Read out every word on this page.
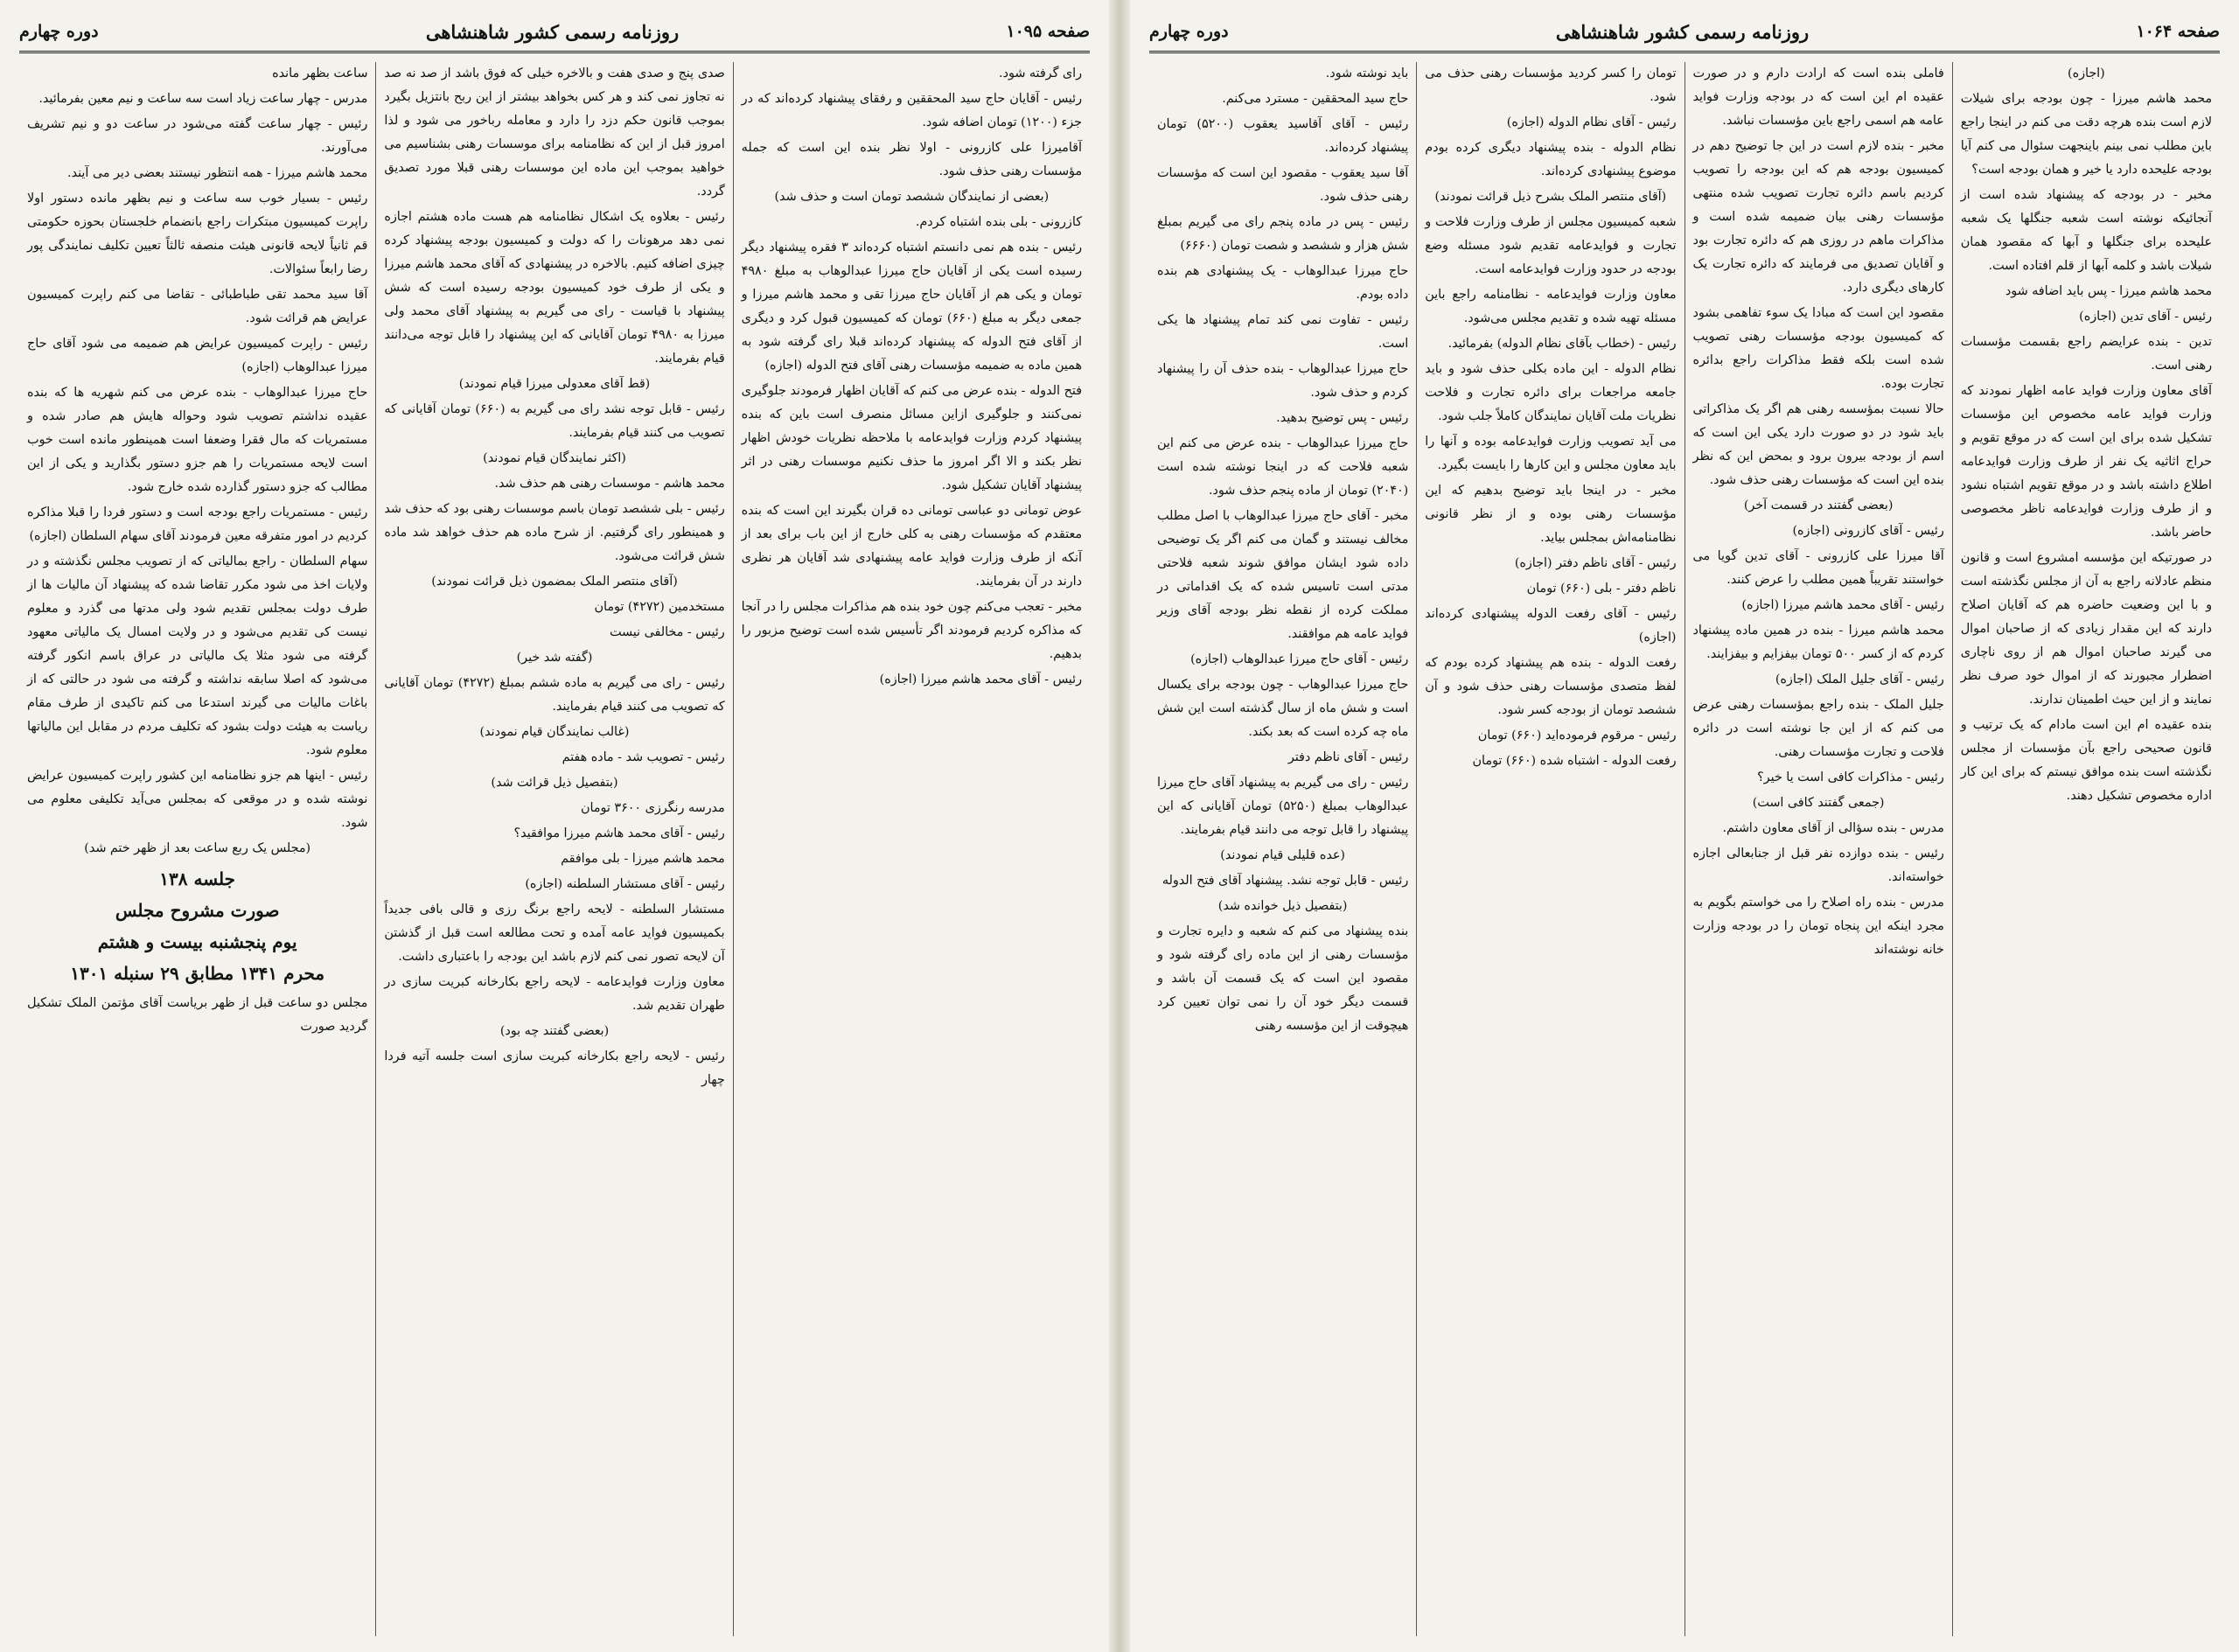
صفحه ۱۰۹۵
روزنامه رسمی کشور شاهنشاهی
دوره چهارم

رای گرفته شود.

رئیس - آقایان حاج سید المحققین و رفقای پیشنهاد کرده‌اند که در جزء (۱۲۰۰) تومان اضافه شود.

آقامیرزا علی کازرونی - اولا نظر بنده این است که جمله مؤسسات رهنی حذف شود.

(بعضی از نمایندگان ششصد تومان است و حذف شد)

کازرونی - بلی بنده اشتباه کردم.

رئیس - بنده هم نمی دانستم اشتباه کرده‌اند ۳ فقره پیشنهاد دیگر رسیده است یکی از آقایان حاج میرزا عبدالوهاب به مبلغ ۴۹۸۰ تومان و یکی هم از آقایان حاج میرزا تقی و محمد هاشم میرزا و جمعی دیگر به مبلغ (۶۶۰) تومان که کمیسیون قبول کرد و دیگری از آقای فتح الدوله که پیشنهاد کرده‌اند قبلا رای گرفته شود به همین ماده به ضمیمه مؤسسات رهنی آقای فتح الدوله (اجازه)

فتح الدوله - بنده عرض می کنم که آقایان اظهار فرمودند جلوگیری نمی‌کنند و جلوگیری ازاین مسائل منصرف است باین که بنده پیشنهاد کردم وزارت فوایدعامه با ملاحظه نظریات خودش اظهار نظر بکند و الا اگر امروز ما حذف نکنیم موسسات رهنی در اثر پیشنهاد آقایان تشکیل شود.

عوض تومانی دو عباسی تومانی ده قران بگیرند این است که بنده معتقدم که مؤسسات رهنی به کلی خارج از این باب برای بعد از آنکه از طرف وزارت فواید عامه پیشنهادی شد آقایان هر نظری دارند در آن بفرمایند.

مخبر - تعجب می‌کنم چون خود بنده هم مذاکرات مجلس را در آنجا که مذاکره کردیم فرمودند اگر تأسیس شده است توضیح مزبور را بدهیم.

رئیس - آقای محمد هاشم میرزا (اجازه)

صدی پنج و صدی هفت و بالاخره خیلی که فوق باشد از صد نه صد نه تجاوز نمی کند و هر کس بخواهد بیشتر از این ربح بانتزیل بگیرد بموجب قانون حکم دزد را دارد و معامله رباخور می شود و لذا امروز قبل از این که نظامنامه برای موسسات رهنی بشناسیم می خواهید بموجب این ماده این موسسات رهنی قبلا مورد تصدیق گردد.

رئیس - بعلاوه یک اشکال نظامنامه هم هست ماده هشتم اجازه نمی دهد مرهونات را که دولت و کمیسیون بودجه پیشنهاد کرده چیزی اضافه کنیم. بالاخره در پیشنهادی که آقای محمد هاشم میرزا و یکی از طرف خود کمیسیون بودجه رسیده است که شش پیشنهاد با قیاست - رای می گیریم به پیشنهاد آقای محمد ولی میرزا به ۴۹۸۰ تومان آقایانی که این پیشنهاد را قابل توجه می‌دانند قیام بفرمایند.

(قط آقای معدولی میرزا قیام نمودند)

رئیس - قابل توجه نشد رای می گیریم به (۶۶۰) تومان آقایانی که تصویب می کنند قیام بفرمایند.

(اکثر نمایندگان قیام نمودند)

محمد هاشم - موسسات رهنی هم حذف شد.

رئیس - بلی ششصد تومان باسم موسسات رهنی بود که حذف شد و همینطور رای گرفتیم. از شرح ماده هم حذف خواهد شد ماده شش قرائت می‌شود.

(آقای منتصر الملک بمضمون ذیل قرائت نمودند)

مستخدمین (۴۲۷۲) تومان

رئیس - مخالفی نیست

(گفته شد خیر)

رئیس - رای می گیریم به ماده ششم بمبلغ (۴۲۷۲) تومان آقایانی که تصویب می کنند قیام بفرمایند.

(غالب نمایندگان قیام نمودند)

رئیس - تصویب شد - ماده هفتم

(بتفصیل ذیل قرائت شد)

مدرسه رنگرزی ۳۶۰۰ تومان

رئیس - آقای محمد هاشم میرزا موافقید؟

محمد هاشم میرزا - بلی موافقم

رئیس - آقای مستشار السلطنه (اجازه)

مستشار السلطنه - لایحه راجع برنگ رزی و قالی بافی جدیداً بکمیسیون فواید عامه آمده و تحت مطالعه است قبل از گذشتن آن لایحه تصور نمی کنم لازم باشد این بودجه را باعتباری داشت.

معاون وزارت فوایدعامه - لایحه راجع بکارخانه کبریت سازی در طهران تقدیم شد.

(بعضی گفتند چه بود)

رئیس - لایحه راجع بکارخانه کبریت سازی است جلسه آتیه فردا چهار

ساعت بظهر مانده

مدرس - چهار ساعت زیاد است سه ساعت و نیم معین بفرمائید.

رئیس - چهار ساعت گفته می‌شود در ساعت دو و نیم تشریف می‌آورند.

محمد هاشم میرزا - همه انتظور نیستند بعضی دیر می آیند.

رئیس - بسیار خوب سه ساعت و نیم بظهر مانده دستور اولا راپرت کمیسیون مبتکرات راجع بانضمام خلجستان بحوزه حکومتی قم ثانیاً لایحه قانونی هیئت منصفه ثالثاً تعیین تکلیف نمایندگی پور رضا رابعاً سئوالات.

آقا سید محمد تقی طباطبائی - تقاضا می کنم راپرت کمیسیون عرایض هم قرائت شود.

رئیس - راپرت کمیسیون عرایض هم ضمیمه می شود آقای حاج میرزا عبدالوهاب (اجازه)

حاج میرزا عبدالوهاب - بنده عرض می کنم شهریه ها که بنده عقیده نداشتم تصویب شود وحواله هایش هم صادر شده و مستمریات که مال فقرا وضعفا است همینطور مانده است خوب است لایحه مستمریات را هم جزو دستور بگذارید و یکی از این مطالب که جزو دستور گذارده شده خارج شود.

رئیس - مستمریات راجع بودجه است و دستور فردا را قبلا مذاکره کردیم در امور متفرقه معین فرمودند آقای سهام السلطان (اجازه)

سهام السلطان - راجع بمالیاتی که از تصویب مجلس نگذشته و در ولایات اخذ می شود مکرر تقاضا شده که پیشنهاد آن مالیات ها از طرف دولت بمجلس تقدیم شود ولی مدتها می گذرد و معلوم نیست کی تقدیم می‌شود و در ولایت امسال یک مالیاتی معهود گرفته می شود مثلا یک مالیاتی در عراق باسم انکور گرفته می‌شود که اصلا سابقه نداشته و گرفته می شود در حالتی که از باغات مالیات می گیرند استدعا می کنم تاکیدی از طرف مقام ریاست به هیئت دولت بشود که تکلیف مردم در مقابل این مالیاتها معلوم شود.

رئیس - اینها هم جزو نظامنامه این کشور راپرت کمیسیون عرایض نوشته شده و در موقعی که بمجلس می‌آید تکلیفی معلوم می شود.

(مجلس یک ربع ساعت بعد از ظهر ختم شد)

جلسه ۱۳۸

صورت مشروح مجلس

یوم پنجشنبه بیست و هشتم

محرم ۱۳۴۱ مطابق ۲۹ سنبله ۱۳۰۱

مجلس دو ساعت قبل از ظهر بریاست آقای مؤتمن الملک تشکیل گردید صورت

صفحه ۱۰۶۴
روزنامه رسمی کشور شاهنشاهی
دوره چهارم

(اجازه)

محمد هاشم میرزا - چون بودجه برای شیلات لازم است بنده هرچه دقت می کنم در اینجا راجع باین مطلب نمی بینم باینجهت سئوال می کنم آیا بودجه علیحده دارد یا خیر و همان بودجه است؟

مخبر - در بودجه که پیشنهاد شده است از آنجائیکه نوشته است شعبه جنگلها یک شعبه علیحده برای جنگلها و آبها که مقصود همان شیلات باشد و کلمه آبها از قلم افتاده است.

محمد هاشم میرزا - پس باید اضافه شود

رئیس - آقای تدین (اجازه)

تدین - بنده عرایضم راجع بقسمت مؤسسات رهنی است.

آقای معاون وزارت فواید عامه اظهار نمودند که وزارت فواید عامه مخصوص این مؤسسات تشکیل شده برای این است که در موقع تقویم و حراج اثاثیه یک نفر از طرف وزارت فوایدعامه اطلاع داشته باشد و در موقع تقویم اشتباه نشود و از طرف وزارت فوایدعامه ناظر مخصوصی حاضر باشد.

در صورتیکه این مؤسسه امشروع است و قانون منظم عادلانه راجع به آن از مجلس نگذشته است و با این وضعیت حاضره هم که آقایان اصلاح دارند که این مقدار زیادی که از صاحبان اموال می گیرند صاحبان اموال هم از روی ناچاری اضطرار مجبورند که از اموال خود صرف نظر نمایند و از این حیث اطمینان ندارند.

بنده عقیده ام این است مادام که یک ترتیب و قانون صحیحی راجع بآن مؤسسات از مجلس نگذشته است بنده موافق نیستم که برای این کار اداره مخصوص تشکیل دهند.

فاملی بنده است که ارادت دارم و در صورت عقیده ام این است که در بودجه وزارت فواید عامه هم اسمی راجع باین مؤسسات نباشد.

مخبر - بنده لازم است در این جا توضیح دهم در کمیسیون بودجه هم که این بودجه را تصویب کردیم باسم دائره تجارت تصویب شده منتهی مؤسسات رهنی بیان ضمیمه شده است و مذاکرات ماهم در روزی هم که دائره تجارت بود و آقایان تصدیق می فرمایند که دائره تجارت یک کارهای دیگری دارد.

مقصود این است که مبادا یک سوء تفاهمی بشود که کمیسیون بودجه مؤسسات رهنی تصویب شده است بلکه فقط مذاکرات راجع بدائره تجارت بوده.

حالا نسبت بمؤسسه رهنی هم اگر یک مذاکراتی باید شود در دو صورت دارد یکی این است که اسم از بودجه بیرون برود و بمحض این که نظر بنده این است که مؤسسات رهنی حذف شود.

(بعضی گفتند در قسمت آخر)

رئیس - آقای کازرونی (اجازه)

آقا میرزا علی کازرونی - آقای تدین گویا می خواستند تقریباً همین مطلب را عرض کنند.

رئیس - آقای محمد هاشم میرزا (اجازه)

محمد هاشم میرزا - بنده در همین ماده پیشنهاد کردم که از کسر ۵۰۰ تومان بیفزایم و بیفزایند.

رئیس - آقای جلیل الملک (اجازه)

جلیل الملک - بنده راجع بمؤسسات رهنی عرض می کنم که از این جا نوشته است در دائره فلاحت و تجارت مؤسسات رهنی.

رئیس - مذاکرات کافی است یا خیر؟

(جمعی گفتند کافی است)

مدرس - بنده سؤالی از آقای معاون داشتم.

رئیس - بنده دوازده نفر قبل از جنابعالی اجازه خواسته‌اند.

مدرس - بنده راه اصلاح را می خواستم بگویم به مجرد اینکه این پنجاه تومان را در بودجه وزارت خانه نوشته‌اند

تومان را کسر کردید مؤسسات رهنی حذف می شود.

رئیس - آقای نظام الدوله (اجازه)

نظام الدوله - بنده پیشنهاد دیگری کرده بودم موضوع پیشنهادی کرده‌اند.

(آقای منتصر الملک بشرح ذیل قرائت نمودند)

شعبه کمیسیون مجلس از طرف وزارت فلاحت و تجارت و فوایدعامه تقدیم شود مسئله وضع بودجه در حدود وزارت فوایدعامه است.

معاون وزارت فوایدعامه - نظامنامه راجع باین مسئله تهیه شده و تقدیم مجلس می‌شود.

رئیس - (خطاب بآقای نظام الدوله) بفرمائید.

نظام الدوله - این ماده بکلی حذف شود و باید جامعه مراجعات برای دائره تجارت و فلاحت نظریات ملت آقایان نمایندگان کاملاً جلب شود.

می آید تصویب وزارت فوایدعامه بوده و آنها را باید معاون مجلس و این کارها را بایست بگیرد.

مخبر - در اینجا باید توضیح بدهیم که این مؤسسات رهنی بوده و از نظر قانونی نظامنامه‌اش بمجلس بیاید.

رئیس - آقای ناظم دفتر (اجازه)

ناظم دفتر - بلی (۶۶۰) تومان

رئیس - آقای رفعت الدوله پیشنهادی کرده‌اند (اجازه)

رفعت الدوله - بنده هم پیشنهاد کرده بودم که لفظ متصدی مؤسسات رهنی حذف شود و آن ششصد تومان از بودجه کسر شود.

رئیس - مرقوم فرموده‌اید (۶۶۰) تومان

رفعت الدوله - اشتباه شده (۶۶۰) تومان

باید نوشته شود.

حاج سید المحققین - مسترد می‌کنم.

رئیس - آقای آقاسید یعقوب (۵۲۰۰) تومان پیشنهاد کرده‌اند.

آقا سید یعقوب - مقصود این است که مؤسسات رهنی حذف شود.

رئیس - پس در ماده پنجم رای می گیریم بمبلغ شش هزار و ششصد و شصت تومان (۶۶۶۰)

حاج میرزا عبدالوهاب - یک پیشنهادی هم بنده داده بودم.

رئیس - تفاوت نمی کند تمام پیشنهاد ها یکی است.

حاج میرزا عبدالوهاب - بنده حذف آن را پیشنهاد کردم و حذف شود.

رئیس - پس توضیح بدهید.

حاج میرزا عبدالوهاب - بنده عرض می کنم این شعبه فلاحت که در اینجا نوشته شده است (۲۰۴۰) تومان از ماده پنجم حذف شود.

مخبر - آقای حاج میرزا عبدالوهاب با اصل مطلب مخالف نیستند و گمان می کنم اگر یک توضیحی داده شود ایشان موافق شوند شعبه فلاحتی مدتی است تاسیس شده که یک اقداماتی در مملکت کرده از نقطه نظر بودجه آقای وزیر فواید عامه هم موافقند.

رئیس - آقای حاج میرزا عبدالوهاب (اجازه)

حاج میرزا عبدالوهاب - چون بودجه برای یکسال است و شش ماه از سال گذشته است این شش ماه چه کرده است که بعد بکند.

رئیس - آقای ناظم دفتر

رئیس - رای می گیریم به پیشنهاد آقای حاج میرزا عبدالوهاب بمبلغ (۵۲۵۰) تومان آقایانی که این پیشنهاد را قابل توجه می دانند قیام بفرمایند.

(عده قلیلی قیام نمودند)

رئیس - قابل توجه نشد. پیشنهاد آقای فتح الدوله

(بتفصیل ذیل خوانده شد)

بنده پیشنهاد می کنم که شعبه و دایره تجارت و مؤسسات رهنی از این ماده رای گرفته شود و مقصود این است که یک قسمت آن باشد و قسمت دیگر خود آن را نمی توان تعیین کرد هیچوقت از این مؤسسه رهنی
